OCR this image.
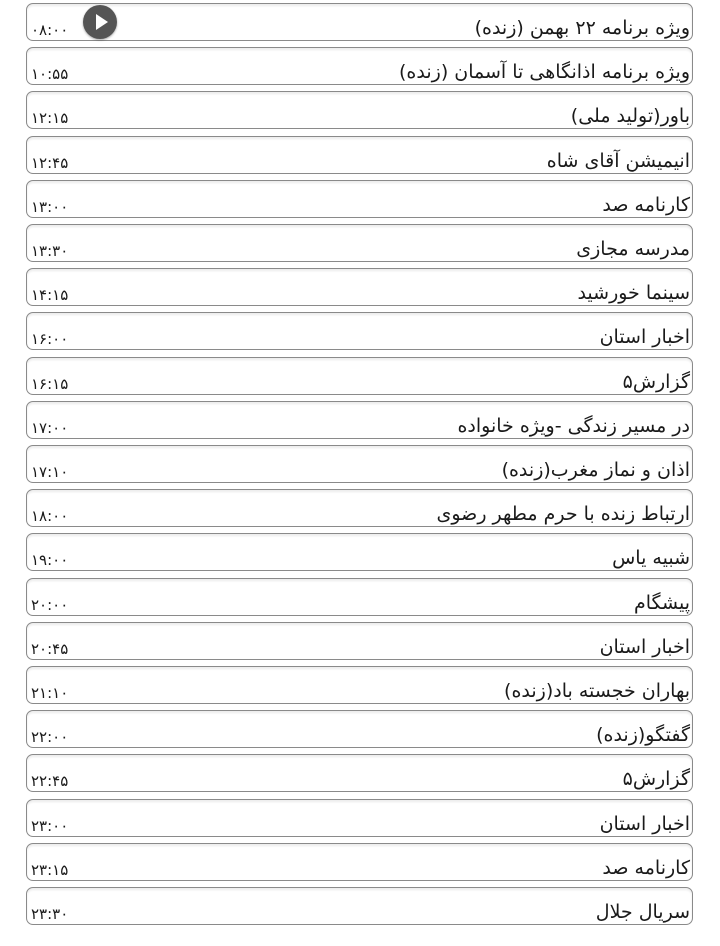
۰۸:۰۰	ویژه برنامه ۲۲ بهمن (زنده)
۱۰:۵۵	ویژه برنامه اذانگاهی تا آسمان (زنده)
۱۲:۱۵	باور(تولید ملی)
۱۲:۴۵	انیمیشن آقای شاه
۱۳:۰۰	کارنامه صد
۱۳:۳۰	مدرسه مجازی
۱۴:۱۵	سینما خورشید
۱۶:۰۰	اخبار استان
۱۶:۱۵	گزارش۵
۱۷:۰۰	در مسیر زندگی -ویژه خانواده
۱۷:۱۰	اذان و نماز مغرب(زنده)
۱۸:۰۰	ارتباط زنده با حرم مطهر رضوی
۱۹:۰۰	شبیه یاس
۲۰:۰۰	پیشگام
۲۰:۴۵	اخبار استان
۲۱:۱۰	بهاران خجسته باد(زنده)
۲۲:۰۰	گفتگو(زنده)
۲۲:۴۵	گزارش۵
۲۳:۰۰	اخبار استان
۲۳:۱۵	کارنامه صد
۲۳:۳۰	سریال جلال
